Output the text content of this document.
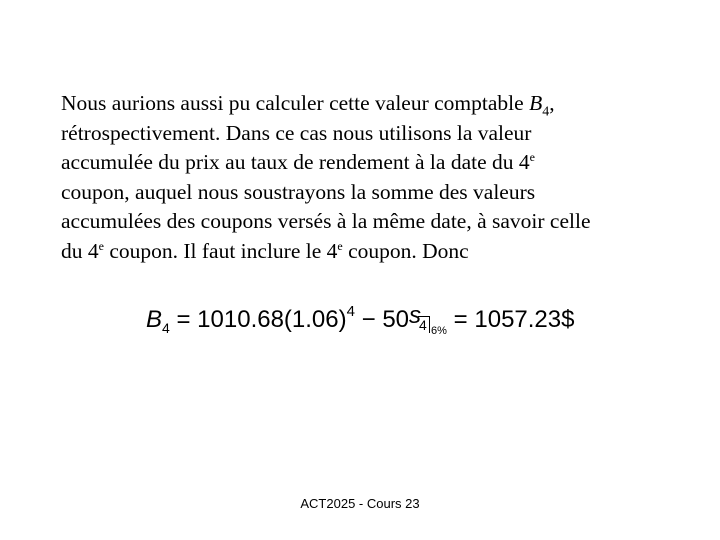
Nous aurions aussi pu calculer cette valeur comptable $B_4$,
rétrospectivement. Dans ce cas nous utilisons la valeur
accumulée du prix au taux de rendement à la date du 4e
coupon, auquel nous soustrayons la somme des valeurs
accumulées des coupons versés à la même date, à savoir celle
du 4e coupon. Il faut inclure le 4e coupon. Donc
$B_4 = 1010.68(1.06)^4 - 50$ s
4 6% = 1057.23$
ACT2025 - Cours 23
